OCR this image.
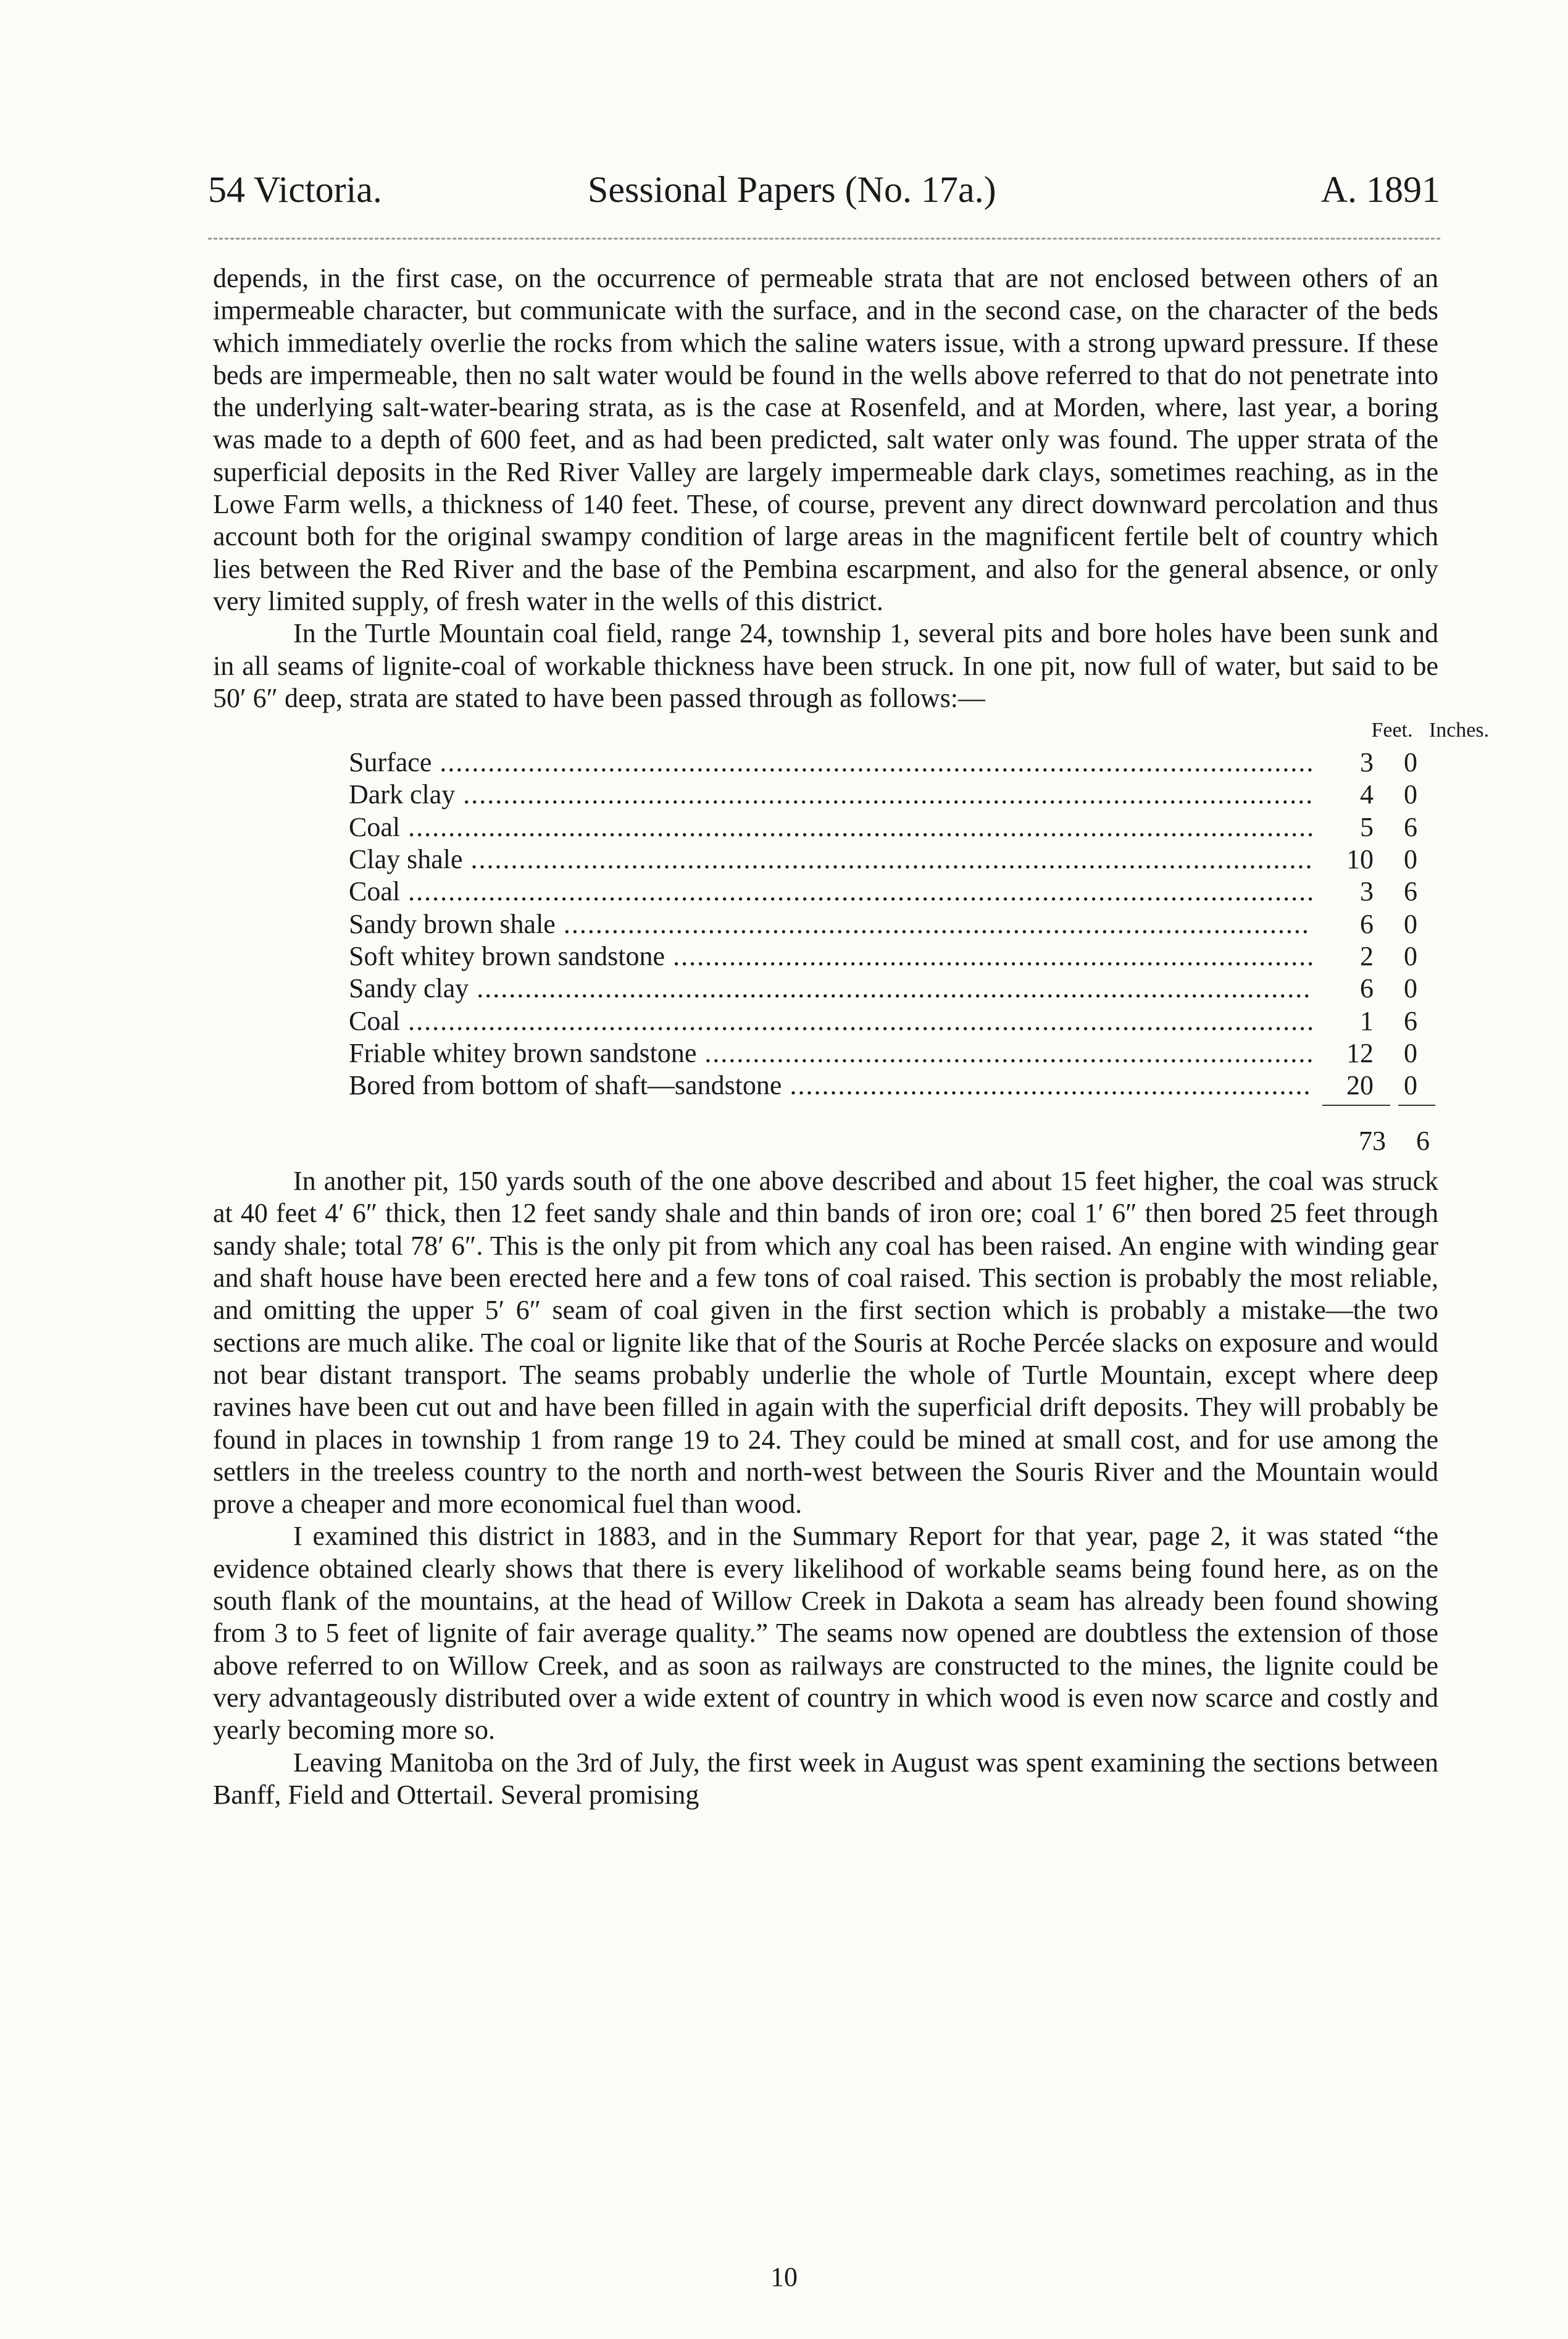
54 Victoria.	Sessional Papers (No. 17a.)	A. 1891

depends, in the first case, on the occurrence of permeable strata that are not enclosed between others of an impermeable character, but communicate with the surface, and in the second case, on the character of the beds which immediately overlie the rocks from which the saline waters issue, with a strong upward pressure. If these beds are impermeable, then no salt water would be found in the wells above referred to that do not penetrate into the underlying salt-water-bearing strata, as is the case at Rosenfeld, and at Morden, where, last year, a boring was made to a depth of 600 feet, and as had been predicted, salt water only was found. The upper strata of the superficial deposits in the Red River Valley are largely impermeable dark clays, sometimes reaching, as in the Lowe Farm wells, a thickness of 140 feet. These, of course, prevent any direct downward percolation and thus account both for the original swampy condition of large areas in the magnificent fertile belt of country which lies between the Red River and the base of the Pembina escarpment, and also for the general absence, or only very limited supply, of fresh water in the wells of this district.

In the Turtle Mountain coal field, range 24, township 1, several pits and bore holes have been sunk and in all seams of lignite-coal of workable thickness have been struck. In one pit, now full of water, but said to be 50′ 6″ deep, strata are stated to have been passed through as follows:—

Feet. Inches.
Surface .....	3	0
Dark clay .....	4	0
Coal .....	5	6
Clay shale .....	10	0
Coal .....	3	6
Sandy brown shale .....	6	0
Soft whitey brown sandstone .....	2	0
Sandy clay .....	6	0
Coal .....	1	6
Friable whitey brown sandstone .....	12	0
Bored from bottom of shaft—sandstone .....	20	0
73	6

In another pit, 150 yards south of the one above described and about 15 feet higher, the coal was struck at 40 feet 4′ 6″ thick, then 12 feet sandy shale and thin bands of iron ore; coal 1′ 6″ then bored 25 feet through sandy shale; total 78′ 6″. This is the only pit from which any coal has been raised. An engine with winding gear and shaft house have been erected here and a few tons of coal raised. This section is probably the most reliable, and omitting the upper 5′ 6″ seam of coal given in the first section which is probably a mistake—the two sections are much alike. The coal or lignite like that of the Souris at Roche Percée slacks on exposure and would not bear distant transport. The seams probably underlie the whole of Turtle Mountain, except where deep ravines have been cut out and have been filled in again with the superficial drift deposits. They will probably be found in places in township 1 from range 19 to 24. They could be mined at small cost, and for use among the settlers in the treeless country to the north and north-west between the Souris River and the Mountain would prove a cheaper and more economical fuel than wood.

I examined this district in 1883, and in the Summary Report for that year, page 2, it was stated “the evidence obtained clearly shows that there is every likelihood of workable seams being found here, as on the south flank of the mountains, at the head of Willow Creek in Dakota a seam has already been found showing from 3 to 5 feet of lignite of fair average quality.” The seams now opened are doubtless the extension of those above referred to on Willow Creek, and as soon as railways are constructed to the mines, the lignite could be very advantageously distributed over a wide extent of country in which wood is even now scarce and costly and yearly becoming more so.

Leaving Manitoba on the 3rd of July, the first week in August was spent examining the sections between Banff, Field and Ottertail. Several promising

10
